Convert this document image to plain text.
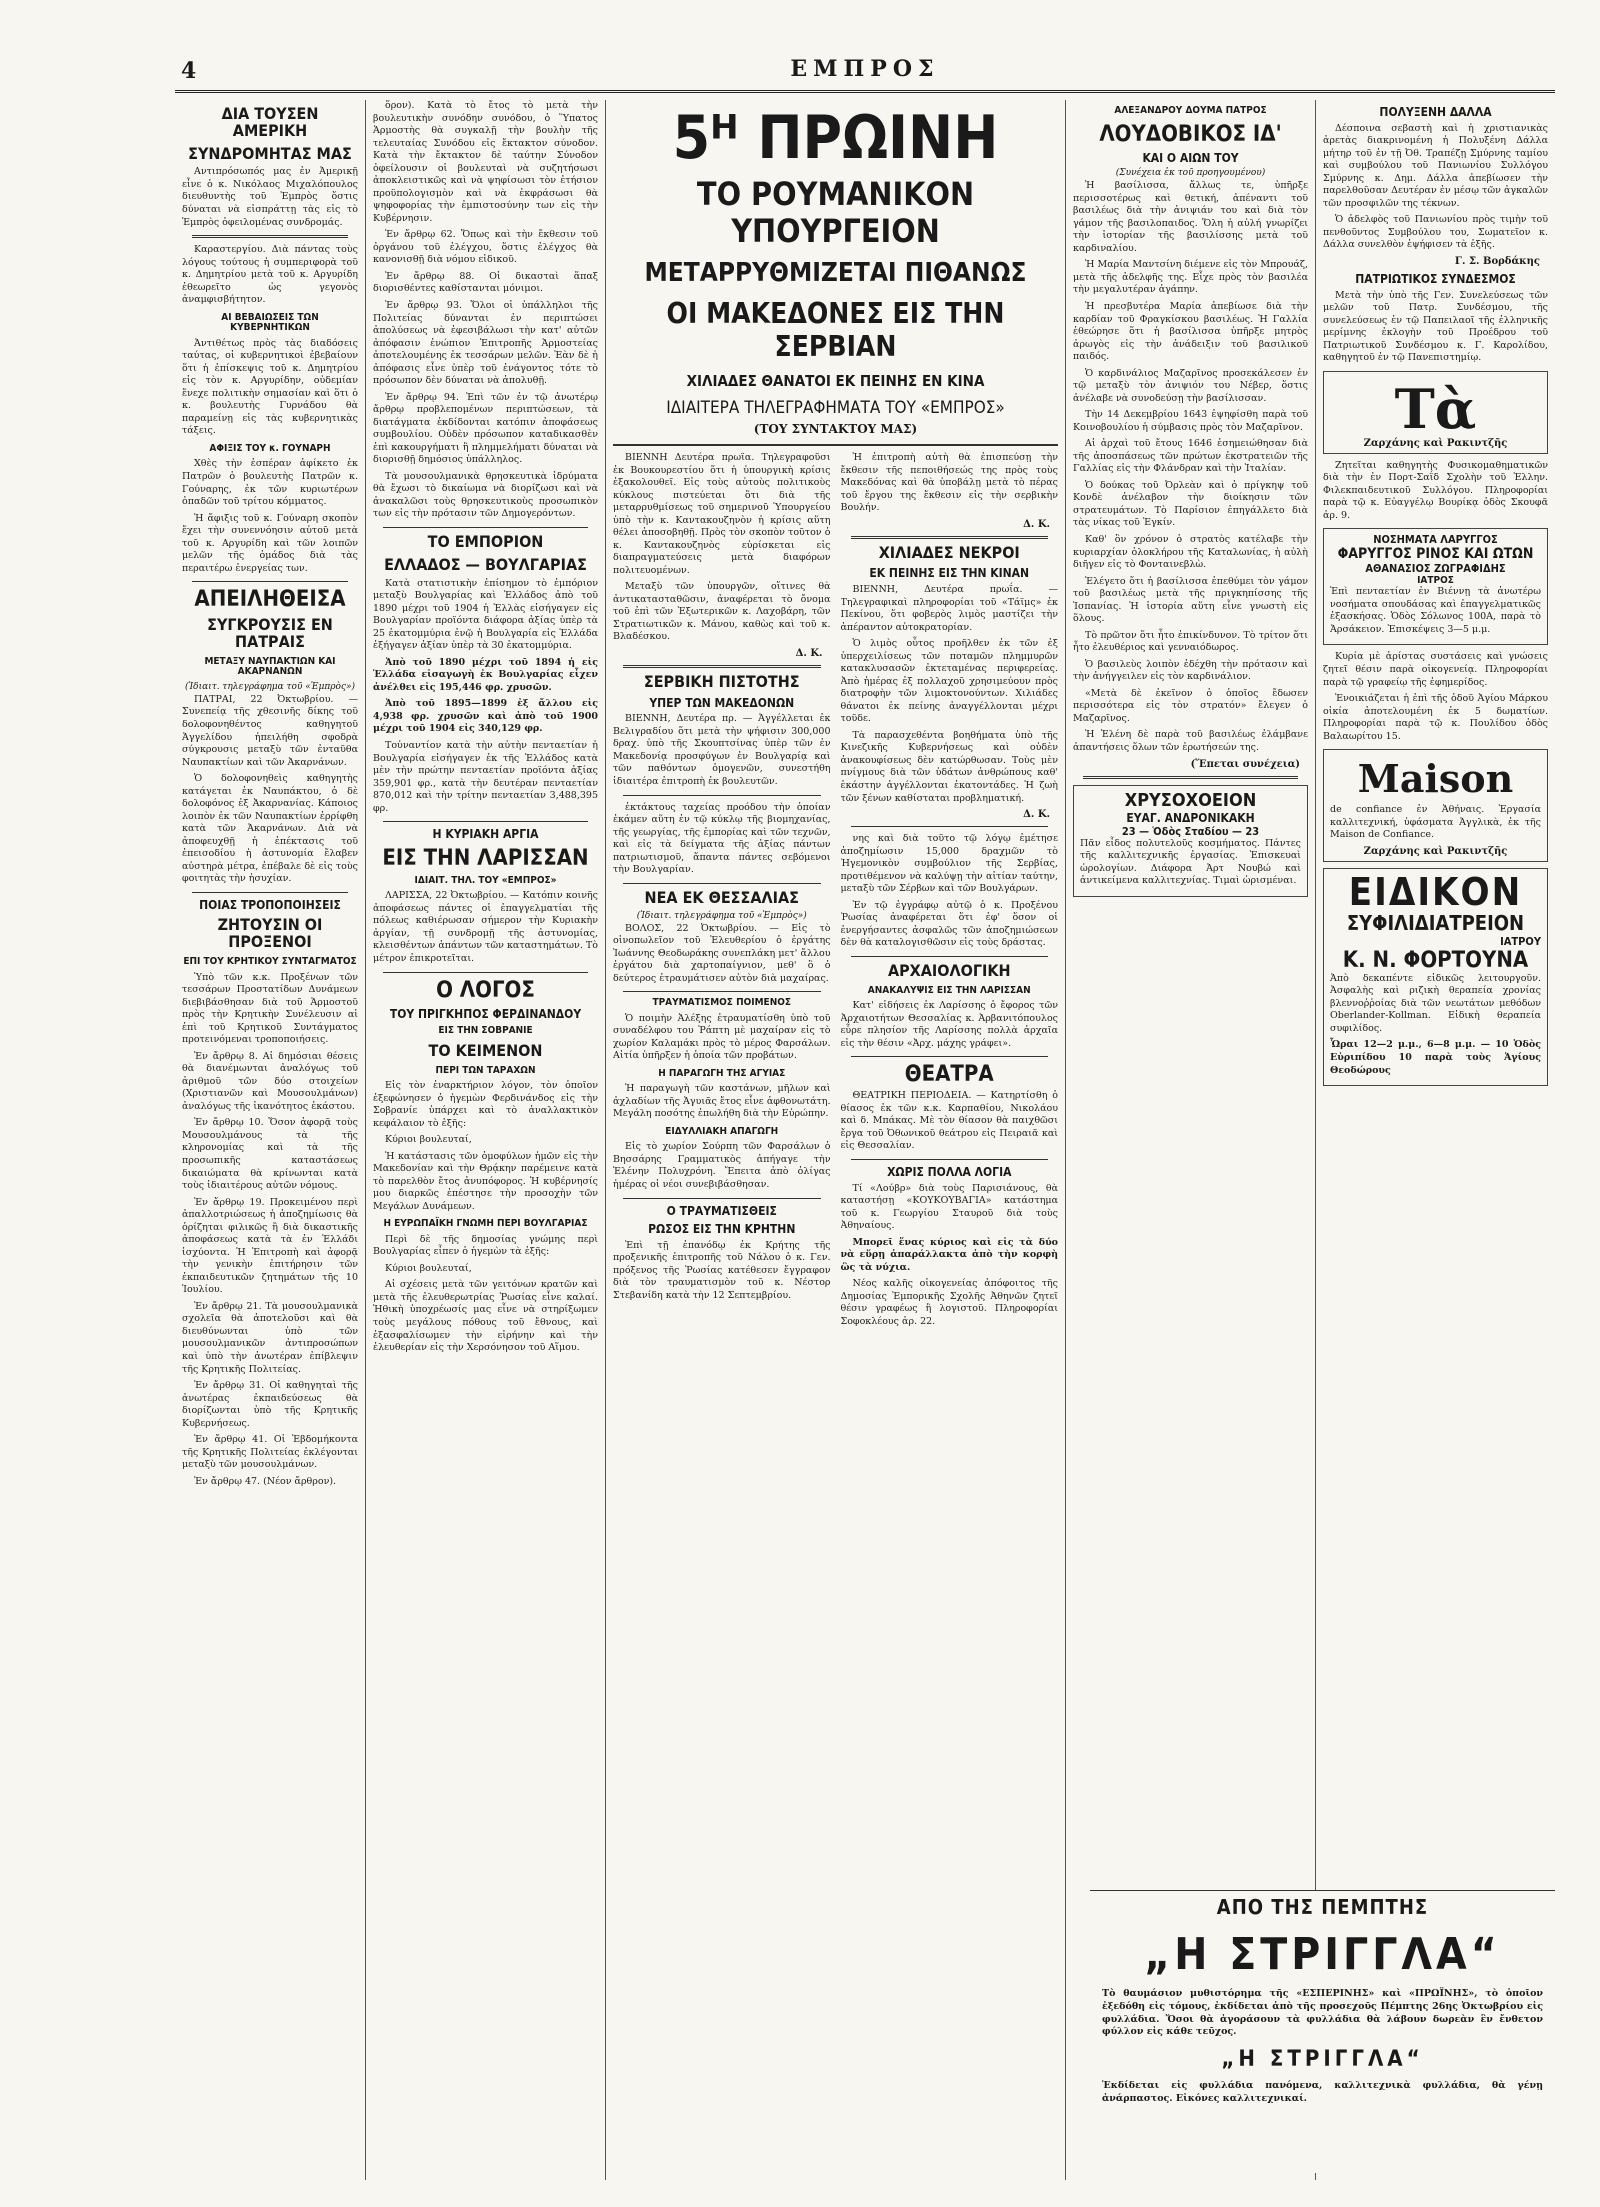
4	ΕΜΠΡΟΣ
ΔΙΑ ΤΟΥΣΕΝ ΑΜΕΡΙΚΗ
ΣΥΝΔΡΟΜΗΤΑΣ ΜΑΣ

Αντιπρόσωπός μας ἐν Ἀμερικῇ εἶνε ὁ κ. Νικόλαος Μιχαλόπουλος διευθυντὴς τοῦ Ἐμπρὸς ὅστις δύναται νὰ εἰσπράττῃ τὰς εἰς τὸ Ἐμπρὸς ὀφειλομένας συνδρομάς.

Καραστεργίου. Διὰ πάντας τοὺς λόγους τούτους ἡ συμπεριφορὰ τοῦ κ. Δημητρίου μετὰ τοῦ κ. Αργυρίδη ἐθεωρεῖτο ὡς γεγονὸς ἀναμφισβήτητον.

ΑΙ ΒΕΒΑΙΩΣΕΙΣ ΤΩΝ ΚΥΒΕΡΝΗΤΙΚΩΝ

Ἀντιθέτως πρὸς τὰς διαδόσεις ταύτας, οἱ κυβερνητικοὶ ἐβεβαίουν ὅτι ἡ ἐπίσκεψις τοῦ κ. Δημητρίου εἰς τὸν κ. Αργυρίδην, οὐδεμίαν ἔνεχε πολιτικὴν σημασίαν καὶ ὅτι ὁ κ. βουλευτὴς Γυρνάδου θὰ παραμείνῃ εἰς τὰς κυβερνητικὰς τάξεις.

ΑΦΙΞΙΣ ΤΟΥ κ. ΓΟΥΝΑΡΗ

Χθὲς τὴν ἑσπέραν ἀφίκετο ἐκ Πατρῶν ὁ βουλευτὴς Πατρῶν κ. Γούναρης, ἐκ τῶν κυριωτέρων ὀπαδῶν τοῦ τρίτου κόμματος.

Ἡ ἄφιξις τοῦ κ. Γούναρη σκοπὸν ἔχει τὴν συνεννόησιν αὐτοῦ μετὰ τοῦ κ. Αργυρίδη καὶ τῶν λοιπῶν μελῶν τῆς ὁμάδος διὰ τὰς περαιτέρω ἐνεργείας των.

ΑΠΕΙΛΗΘΕΙΣΑ
ΣΥΓΚΡΟΥΣΙΣ ΕΝ ΠΑΤΡΑΙΣ
ΜΕΤΑΞΥ ΝΑΥΠΑΚΤΙΩΝ ΚΑΙ ΑΚΑΡΝΑΝΩΝ
(Ἰδιαιτ. τηλεγράφημα τοῦ «Ἐμπρὸς»)

ΠΑΤΡΑΙ, 22 Ὀκτωβρίου. — Συνεπείᾳ τῆς χθεσινῆς δίκης τοῦ δολοφονηθέντος καθηγητοῦ Ἀγγελίδου ἠπειλήθη σφοδρὰ σύγκρουσις μεταξὺ τῶν ἐνταῦθα Ναυπακτίων καὶ τῶν Ἀκαρνάνων.

Ὁ δολοφονηθεὶς καθηγητὴς κατάγεται ἐκ Ναυπάκτου, ὁ δὲ δολοφόνος ἐξ Ἀκαρνανίας. Κάποιος λοιπὸν ἐκ τῶν Ναυπακτίων ἐρρίφθη κατὰ τῶν Ἀκαρνάνων. Διὰ νὰ ἀποφευχθῇ ἡ ἐπέκτασις τοῦ ἐπεισοδίου ἡ ἀστυνομία ἔλαβεν αὐστηρὰ μέτρα, ἐπέβαλε δὲ εἰς τοὺς φοιτητὰς τὴν ἡσυχίαν.

ΠΟΙΑΣ ΤΡΟΠΟΠΟΙΗΣΕΙΣ
ΖΗΤΟΥΣΙΝ ΟΙ ΠΡΟΞΕΝΟΙ
ΕΠΙ ΤΟΥ ΚΡΗΤΙΚΟΥ ΣΥΝΤΑΓΜΑΤΟΣ

Ὑπὸ τῶν κ.κ. Προξένων τῶν τεσσάρων Προστατίδων Δυνάμεων διεβιβάσθησαν διὰ τοῦ Ἁρμοστοῦ πρὸς τὴν Κρητικὴν Συνέλευσιν αἱ ἐπὶ τοῦ Κρητικοῦ Συντάγματος προτεινόμεναι τροποποιήσεις.

Ἐν ἄρθρῳ 8. Αἱ δημόσιαι θέσεις θὰ διανέμωνται ἀναλόγως τοῦ ἀριθμοῦ τῶν δύο στοιχείων (Χριστιανῶν καὶ Μουσουλμάνων) ἀναλόγως τῆς ἱκανότητος ἑκάστου.

Ἐν ἄρθρῳ 10. Ὅσον ἀφορᾷ τοὺς Μουσουλμάνους τὰ τῆς κληρονομίας καὶ τὰ τῆς προσωπικῆς καταστάσεως δικαιώματα θὰ κρίνωνται κατὰ τοὺς ἰδιαιτέρους αὐτῶν νόμους.

Ἐν ἄρθρῳ 19. Προκειμένου περὶ ἀπαλλοτριώσεως ἡ ἀποζημίωσις θὰ ὁρίζηται φιλικῶς ἢ διὰ δικαστικῆς ἀποφάσεως κατὰ τὰ ἐν Ἑλλάδι ἰσχύοντα. Ἡ Ἐπιτροπὴ καὶ ἀφορᾷ τὴν γενικὴν ἐπιτήρησιν τῶν ἐκπαιδευτικῶν ζητημάτων τῆς 10 Ἰουλίου.

Ἐν ἄρθρῳ 21. Τὰ μουσουλμανικὰ σχολεῖα θὰ ἀποτελοῦσι καὶ θὰ διευθύνωνται ὑπὸ τῶν μουσουλμανικῶν ἀντιπροσώπων καὶ ὑπὸ τὴν ἀνωτέραν ἐπίβλεψιν τῆς Κρητικῆς Πολιτείας.

Ἐν ἄρθρῳ 31. Οἱ καθηγηταὶ τῆς ἀνωτέρας ἐκπαιδεύσεως θὰ διορίζωνται ὑπὸ τῆς Κρητικῆς Κυβερνήσεως.

Ἐν ἄρθρῳ 41. Οἱ Ἐβδομήκοντα τῆς Κρητικῆς Πολιτείας ἐκλέγονται μεταξὺ τῶν μουσουλμάνων.

Ἐν ἄρθρῳ 47. (Νέον ἄρθρον).

ὅρον). Κατὰ τὸ ἔτος τὸ μετὰ τὴν βουλευτικὴν συνόδην συνόδου, ὁ Ὕπατος Ἁρμοστὴς θὰ συγκαλῇ τὴν βουλὴν τῆς τελευταίας Συνόδου εἰς ἔκτακτον σύνοδον. Κατὰ τὴν ἔκτακτον δὲ ταύτην Σύνοδον ὀφείλουσιν οἱ βουλευταὶ νὰ συζητήσωσι ἀποκλειστικῶς καὶ νὰ ψηφίσωσι τὸν ἐτήσιον προϋπολογισμὸν καὶ νὰ ἐκφράσωσι θὰ ψηφοφορίας τὴν ἐμπιστοσύνην των εἰς τὴν Κυβέρνησιν.

Ἐν ἄρθρῳ 62. Ὅπως καὶ τὴν ἔκθεσιν τοῦ ὀργάνου τοῦ ἐλέγχου, ὅστις ἐλέγχος θὰ κανονισθῇ διὰ νόμου εἰδικοῦ.

Ἐν ἄρθρῳ 88. Οἱ δικασταὶ ἅπαξ διορισθέντες καθίστανται μόνιμοι.

Ἐν ἄρθρῳ 93. Ὅλοι οἱ ὑπάλληλοι τῆς Πολιτείας δύνανται ἐν περιπτώσει ἀπολύσεως νὰ ἐφεσιβάλωσι τὴν κατ' αὐτῶν ἀπόφασιν ἐνώπιον Ἐπιτροπῆς Ἁρμοστείας ἀποτελουμένης ἐκ τεσσάρων μελῶν. Ἐὰν δὲ ἡ ἀπόφασις εἶνε ὑπὲρ τοῦ ἐνάγοντος τότε τὸ πρόσωπον δὲν δύναται νὰ ἀπολυθῇ.

Ἐν ἄρθρῳ 94. Ἐπὶ τῶν ἐν τῷ ἀνωτέρῳ ἄρθρῳ προβλεπομένων περιπτώσεων, τὰ διατάγματα ἐκδίδονται κατόπιν ἀποφάσεως συμβουλίου. Οὐδὲν πρόσωπον καταδικασθὲν ἐπὶ κακουργήματι ἢ πλημμελήματι δύναται νὰ διορισθῇ δημόσιος ὑπάλληλος.

Τὰ μουσουλμανικὰ θρησκευτικὰ ἱδρύματα θὰ ἔχωσι τὸ δικαίωμα νὰ διορίζωσι καὶ νὰ ἀνακαλῶσι τοὺς θρησκευτικοὺς προσωπικὸν των εἰς τὴν πρότασιν τῶν Δημογερόντων.

ΤΟ ΕΜΠΟΡΙΟΝ
ΕΛΛΑΔΟΣ — ΒΟΥΛΓΑΡΙΑΣ

Κατὰ στατιστικὴν ἐπίσημον τὸ ἐμπόριον μεταξὺ Βουλγαρίας καὶ Ἑλλάδος ἀπὸ τοῦ 1890 μέχρι τοῦ 1904 ἡ Ἑλλὰς εἰσήγαγεν εἰς Βουλγαρίαν προϊόντα διάφορα ἀξίας ὑπὲρ τὰ 25 ἑκατομμύρια ἐνῷ ἡ Βουλγαρία εἰς Ἑλλάδα ἐξήγαγεν ἀξίαν ὑπὲρ τὰ 30 ἑκατομμύρια.

Ἀπὸ τοῦ 1890 μέχρι τοῦ 1894 ἡ εἰς Ἑλλάδα εἰσαγωγὴ ἐκ Βουλγαρίας εἶχεν ἀνέλθει εἰς 195,446 φρ. χρυσῶν.

Ἀπὸ τοῦ 1895—1899 ἐξ ἄλλου εἰς 4,938 φρ. χρυσῶν καὶ ἀπὸ τοῦ 1900 μέχρι τοῦ 1904 εἰς 340,129 φρ.

Τοὐναντίον κατὰ τὴν αὐτὴν πενταετίαν ἡ Βουλγαρία εἰσήγαγεν ἐκ τῆς Ἑλλάδος κατὰ μὲν τὴν πρώτην πενταετίαν προϊόντα ἀξίας 359,901 φρ., κατὰ τὴν δευτέραν πενταετίαν 870,012 καὶ τὴν τρίτην πενταετίαν 3,488,395 φρ.

Η ΚΥΡΙΑΚΗ ΑΡΓΙΑ
ΕΙΣ ΤΗΝ ΛΑΡΙΣΣΑΝ
ΙΔΙΑΙΤ. ΤΗΛ. ΤΟΥ «ΕΜΠΡΟΣ»

ΛΑΡΙΣΣΑ, 22 Ὀκτωβρίου. — Κατόπιν κοινῆς ἀποφάσεως πάντες οἱ ἐπαγγελματίαι τῆς πόλεως καθιέρωσαν σήμερον τὴν Κυριακὴν ἀργίαν, τῇ συνδρομῇ τῆς ἀστυνομίας, κλεισθέντων ἁπάντων τῶν καταστημάτων. Τὸ μέτρον ἐπικροτεῖται.

Ο ΛΟΓΟΣ
ΤΟΥ ΠΡΙΓΚΗΠΟΣ ΦΕΡΔΙΝΑΝΔΟΥ
ΕΙΣ ΤΗΝ ΣΟΒΡΑΝΙΕ
ΤΟ ΚΕΙΜΕΝΟΝ
ΠΕΡΙ ΤΩΝ ΤΑΡΑΧΩΝ

Εἰς τὸν ἐναρκτήριον λόγον, τὸν ὁποῖον ἐξεφώνησεν ὁ ἡγεμὼν Φερδινάνδος εἰς τὴν Σοβρανίε ὑπάρχει καὶ τὸ ἀναλλακτικὸν κεφάλαιον τὸ ἑξῆς:

Κύριοι βουλευταί,

Ἡ κατάστασις τῶν ὁμοφύλων ἡμῶν εἰς τὴν Μακεδονίαν καὶ τὴν Θρᾴκην παρέμεινε κατὰ τὸ παρελθὸν ἔτος ἀνυπόφορος. Ἡ κυβέρνησίς μου διαρκῶς ἐπέστησε τὴν προσοχὴν τῶν Μεγάλων Δυνάμεων.

Η ΕΥΡΩΠΑΪΚΗ ΓΝΩΜΗ ΠΕΡΙ ΒΟΥΛΓΑΡΙΑΣ

Περὶ δὲ τῆς δημοσίας γνώμης περὶ Βουλγαρίας εἶπεν ὁ ἡγεμὼν τὰ ἑξῆς:

Κύριοι βουλευταί,

Αἱ σχέσεις μετὰ τῶν γειτόνων κρατῶν καὶ μετὰ τῆς ἐλευθερωτρίας Ῥωσίας εἶνε καλαί. Ἠθικὴ ὑποχρέωσίς μας εἶνε νὰ στηρίξωμεν τοὺς μεγάλους πόθους τοῦ ἔθνους, καὶ ἐξασφαλίσωμεν τὴν εἰρήνην καὶ τὴν ἐλευθερίαν εἰς τὴν Χερσόνησον τοῦ Αἵμου.

5ᴴ ΠΡΩΙΝΗ
ΤΟ ΡΟΥΜΑΝΙΚΟΝ ΥΠΟΥΡΓΕΙΟΝ
ΜΕΤΑΡΡΥΘΜΙΖΕΤΑΙ ΠΙΘΑΝΩΣ
ΟΙ ΜΑΚΕΔΟΝΕΣ ΕΙΣ ΤΗΝ ΣΕΡΒΙΑΝ
ΧΙΛΙΑΔΕΣ ΘΑΝΑΤΟΙ ΕΚ ΠΕΙΝΗΣ ΕΝ ΚΙΝΑ
ΙΔΙΑΙΤΕΡΑ ΤΗΛΕΓΡΑΦΗΜΑΤΑ ΤΟΥ «ΕΜΠΡΟΣ»
(ΤΟΥ ΣΥΝΤΑΚΤΟΥ ΜΑΣ)

ΒΙΕΝΝΗ Δευτέρα πρωΐα. Τηλεγραφοῦσι ἐκ Βουκουρεστίου ὅτι ἡ ὑπουργικὴ κρίσις ἐξακολουθεῖ. Εἰς τοὺς αὐτοὺς πολιτικοὺς κύκλους πιστεύεται ὅτι διὰ τῆς μεταρρυθμίσεως τοῦ σημερινοῦ Ὑπουργείου ὑπὸ τὴν κ. Καντακουζηνὸν ἡ κρίσις αὕτη θέλει ἀποσοβηθῇ. Πρὸς τὸν σκοπὸν τοῦτον ὁ κ. Καντακουζηνὸς εὑρίσκεται εἰς διαπραγματεύσεις μετὰ διαφόρων πολιτευομένων.

Μεταξὺ τῶν ὑπουργῶν, οἵτινες θὰ ἀντικατασταθῶσιν, ἀναφέρεται τὸ ὄνομα τοῦ ἐπὶ τῶν Ἐξωτερικῶν κ. Λαχοβάρη, τῶν Στρατιωτικῶν κ. Μάνου, καθὼς καὶ τοῦ κ. Βλαδέσκου.

Δ. Κ.
ΣΕΡΒΙΚΗ ΠΙΣΤΟΤΗΣ
ΥΠΕΡ ΤΩΝ ΜΑΚΕΔΟΝΩΝ

ΒΙΕΝΝΗ, Δευτέρα πρ. — Ἀγγέλλεται ἐκ Βελιγραδίου ὅτι μετὰ τὴν ψήφισιν 300,000 δραχ. ὑπὸ τῆς Σκουπτσίνας ὑπὲρ τῶν ἐν Μακεδονίᾳ προσφύγων ἐν Βουλγαρίᾳ καὶ τῶν παθόντων ὁμογενῶν, συνεστήθη ἰδιαιτέρα ἐπιτροπὴ ἐκ βουλευτῶν.

ἐκτάκτους ταχείας προόδου τὴν ὁποίαν ἐκάμεν αὕτη ἐν τῷ κύκλῳ τῆς βιομηχανίας, τῆς γεωργίας, τῆς ἐμπορίας καὶ τῶν τεχνῶν, καὶ εἰς τὰ δείγματα τῆς ἀξίας πάντων πατριωτισμοῦ, ἅπαντα πάντες σεβόμενοι τὴν Βουλγαρίαν.

ΝΕΑ ΕΚ ΘΕΣΣΑΛΙΑΣ
(Ἰδιαιτ. τηλεγράφημα τοῦ «Ἐμπρὸς»)

ΒΟΛΟΣ, 22 Ὀκτωβρίου. — Εἰς τὸ οἰνοπωλεῖον τοῦ Ἐλευθερίου ὁ ἐργάτης Ἰωάννης Θεοδωράκης συνεπλάκη μετ' ἄλλου ἐργάτου διὰ χαρτοπαίγνιον, μεθ' ὃ ὁ δεύτερος ἐτραυμάτισεν αὐτὸν διὰ μαχαίρας.

ΤΡΑΥΜΑΤΙΣΜΟΣ ΠΟΙΜΕΝΟΣ

Ὁ ποιμὴν Ἀλέξης ἐτραυματίσθη ὑπὸ τοῦ συναδέλφου του Ῥάπτη μὲ μαχαίραν εἰς τὸ χωρίον Καλαμάκι πρὸς τὸ μέρος Φαρσάλων. Αἰτία ὑπῆρξεν ἡ ὁποία τῶν προβάτων.

Η ΠΑΡΑΓΩΓΗ ΤΗΣ ΑΓΥΙΑΣ

Ἡ παραγωγὴ τῶν καστάνων, μῆλων καὶ ἀχλαδίων τῆς Ἀγυιᾶς ἔτος εἶνε ἀφθονωτάτη. Μεγάλη ποσότης ἐπωλήθη διὰ τὴν Εὐρώπην.

ΕΙΔΥΛΛΙΑΚΗ ΑΠΑΓΩΓΗ

Εἰς τὸ χωρίον Σούρπη τῶν Φαρσάλων ὁ Βησσάρης Γραμματικὸς ἀπήγαγε τὴν Ἑλένην Πολυχρόνη. Ἔπειτα ἀπὸ ὀλίγας ἡμέρας οἱ νέοι συνεβιβάσθησαν.

Ο ΤΡΑΥΜΑΤΙΣΘΕΙΣ
ΡΩΣΟΣ ΕΙΣ ΤΗΝ ΚΡΗΤΗΝ

Ἐπὶ τῇ ἐπανόδῳ ἐκ Κρήτης τῆς προξενικῆς ἐπιτροπῆς τοῦ Νάλου ὁ κ. Γεν. πρόξενος τῆς Ῥωσίας κατέθεσεν ἔγγραφον διὰ τὸν τραυματισμὸν τοῦ κ. Νέστορ Στεβανίδη κατὰ τὴν 12 Σεπτεμβρίου.

Ἡ ἐπιτροπὴ αὐτὴ θὰ ἐπισπεύσῃ τὴν ἔκθεσιν τῆς πεποιθήσεώς της πρὸς τοὺς Μακεδόνας καὶ θὰ ὑποβάλῃ μετὰ τὸ πέρας τοῦ ἔργου της ἔκθεσιν εἰς τὴν σερβικὴν Βουλήν.

Δ. Κ.
ΧΙΛΙΑΔΕΣ ΝΕΚΡΟΙ
ΕΚ ΠΕΙΝΗΣ ΕΙΣ ΤΗΝ ΚΙΝΑΝ

ΒΙΕΝΝΗ, Δευτέρα πρωΐα. — Τηλεγραφικαὶ πληροφορίαι τοῦ «Τάϊμς» ἐκ Πεκίνου, ὅτι φοβερὸς λιμὸς μαστίζει τὴν ἀπέραντον αὐτοκρατορίαν.

Ὁ λιμὸς οὗτος προῆλθεν ἐκ τῶν ἐξ ὑπερχειλίσεως τῶν ποταμῶν πλημμυρῶν κατακλυσασῶν ἐκτεταμένας περιφερείας. Ἀπὸ ἡμέρας ἐξ πολλαχοῦ χρησιμεύουν πρὸς διατροφὴν τῶν λιμοκτονούντων. Χιλιάδες θάνατοι ἐκ πείνης ἀναγγέλλονται μέχρι τοῦδε.

Τὰ παρασχεθέντα βοηθήματα ὑπὸ τῆς Κινεζικῆς Κυβερνήσεως καὶ οὐδὲν ἀνακουφίσεως δὲν κατώρθωσαν. Τοὺς μὲν πνίγμους διὰ τῶν ὑδάτων ἀνθρώπους καθ' ἑκάστην ἀγγέλλονται ἐκατοντάδες. Ἡ ζωὴ τῶν ξένων καθίσταται προβληματική.

Δ. Κ.

νης καὶ διὰ τοῦτο τῷ λόγῳ ἐμέτησε ἀποζημίωσιν 15,000 δραχμῶν τὸ Ἡγεμονικὸν συμβούλιον τῆς Σερβίας, προτιθέμενον νὰ καλύψῃ τὴν αἰτίαν ταύτην, μεταξὺ τῶν Σέρβων καὶ τῶν Βουλγάρων.

Ἐν τῷ ἐγγράφῳ αὐτῷ ὁ κ. Προξένου Ῥωσίας ἀναφέρεται ὅτι ἐφ' ὅσον οἱ ἐνεργήσαντες ἀσφαλῶς τῶν ἀποζημιώσεων δὲν θὰ καταλογισθῶσιν εἰς τοὺς δράστας.

ΑΡΧΑΙΟΛΟΓΙΚΗ
ΑΝΑΚΑΛΥΨΙΣ ΕΙΣ ΤΗΝ ΛΑΡΙΣΣΑΝ

Κατ' εἰδήσεις ἐκ Λαρίσσης ὁ ἔφορος τῶν Ἀρχαιοτήτων Θεσσαλίας κ. Ἀρβανιτόπουλος εὗρε πλησίον τῆς Λαρίσσης πολλὰ ἀρχαῖα εἰς τὴν θέσιν «Ἀρχ. μάχης γράφει».

ΘΕΑΤΡΑ

ΘΕΑΤΡΙΚΗ ΠΕΡΙΟΔΕΙΑ. — Κατηρτίσθη ὁ θίασος ἐκ τῶν κ.κ. Καρπαθίου, Νικολάου καὶ δ. Μπάκας. Μὲ τὸν θίασον θὰ παιχθῶσι ἔργα τοῦ Ὀθωνικοῦ θεάτρου εἰς Πειραιᾶ καὶ εἰς Θεσσαλίαν.

ΧΩΡΙΣ ΠΟΛΛΑ ΛΟΓΙΑ

Τί «Λούβρ» διὰ τοὺς Παρισιάνους, θὰ καταστήσῃ «ΚΟΥΚΟΥΒΑΓΙΑ» κατάστημα τοῦ κ. Γεωργίου Σταυροῦ διὰ τοὺς Ἀθηναίους.

Μπορεῖ ἕνας κύριος καὶ εἰς τὰ δύο νὰ εὕρῃ ἀπαράλλακτα ἀπὸ τὴν κορφὴ ὣς τὰ νύχια.

Νέος καλῆς οἰκογενείας ἀπόφοιτος τῆς Δημοσίας Ἐμπορικῆς Σχολῆς Ἀθηνῶν ζητεῖ θέσιν γραφέως ἢ λογιστοῦ. Πληροφορίαι Σοφοκλέους ἀρ. 22.

ΑΛΕΞΑΝΔΡΟΥ ΔΟΥΜΑ ΠΑΤΡΟΣ
ΛΟΥΔΟΒΙΚΟΣ ΙΔ'
ΚΑΙ Ο ΑΙΩΝ ΤΟΥ
(Συνέχεια ἐκ τοῦ προηγουμένου)

Ἡ βασίλισσα, ἄλλως τε, ὑπῆρξε περισσοτέρως καὶ θετική, ἀπέναντι τοῦ βασιλέως διὰ τὴν ἀνιψιάν του καὶ διὰ τὸν γάμον τῆς βασιλοπαιδος. Ὅλη ἡ αὐλή γνωρίζει τὴν ἱστορίαν τῆς βασιλίσσης μετὰ τοῦ καρδιναλίου.

Ἡ Μαρία Μαντσίνη διέμενε εἰς τὸν Μπρουάζ, μετὰ τῆς ἀδελφῆς της. Εἶχε πρὸς τὸν βασιλέα τὴν μεγαλυτέραν ἀγάπην.

Ἡ πρεσβυτέρα Μαρία ἀπεβίωσε διὰ τὴν καρδίαν τοῦ Φραγκίσκου βασιλέως. Ἡ Γαλλία ἐθεώρησε ὅτι ἡ βασίλισσα ὑπῆρξε μητρὸς ἀρωγὸς εἰς τὴν ἀνάδειξιν τοῦ βασιλικοῦ παιδός.

Ὁ καρδινάλιος Μαζαρῖνος προσεκάλεσεν ἐν τῷ μεταξὺ τὸν ἀνιψιόν του Νέβερ, ὅστις ἀνέλαβε νὰ συνοδεύσῃ τὴν βασίλισσαν.

Τὴν 14 Δεκεμβρίου 1643 ἐψηφίσθη παρὰ τοῦ Κοινοβουλίου ἡ σύμβασις πρὸς τὸν Μαζαρῖνον.

Αἱ ἀρχαὶ τοῦ ἔτους 1646 ἐσημειώθησαν διὰ τῆς ἀποσπάσεως τῶν πρώτων ἐκστρατειῶν τῆς Γαλλίας εἰς τὴν Φλάνδραν καὶ τὴν Ἰταλίαν.

Ὁ δούκας τοῦ Ὀρλεὰν καὶ ὁ πρίγκηψ τοῦ Κονδὲ ἀνέλαβον τὴν διοίκησιν τῶν στρατευμάτων. Τὸ Παρίσιον ἐπηγάλλετο διὰ τὰς νίκας τοῦ Ἐγκίν.

Καθ' ὃν χρόνον ὁ στρατὸς κατέλαβε τὴν κυριαρχίαν ὁλοκλήρου τῆς Καταλωνίας, ἡ αὐλὴ διῆγεν εἰς τὸ Φονταινεβλὼ.

Ἐλέγετο ὅτι ἡ βασίλισσα ἐπεθύμει τὸν γάμον τοῦ βασιλέως μετὰ τῆς πριγκηπίσσης τῆς Ἰσπανίας. Ἡ ἱστορία αὕτη εἶνε γνωστὴ εἰς ὅλους.

Τὸ πρῶτον ὅτι ἦτο ἐπικίνδυνον. Τὸ τρίτον ὅτι ἦτο ἐλευθέριος καὶ γενναιόδωρος.

Ὁ βασιλεὺς λοιπὸν ἐδέχθη τὴν πρότασιν καὶ τὴν ἀνήγγειλεν εἰς τὸν καρδινάλιον.

«Μετὰ δὲ ἐκεῖνον ὁ ὁποῖος ἔδωσεν περισσότερα εἰς τὸν στρατόν» ἔλεγεν ὁ Μαζαρῖνος.

Ἡ Ἑλένη δὲ παρὰ τοῦ βασιλέως ἐλάμβανε ἀπαντήσεις ὅλων τῶν ἐρωτήσεών της.

(Ἕπεται συνέχεια)
ΧΡΥΣΟΧΟΕΙΟΝ
ΕΥΑΓ. ΑΝΔΡΟΝΙΚΑΚΗ
23 — Ὁδὸς Σταδίου — 23

Πᾶν εἶδος πολυτελοῦς κοσμήματος. Πάντες τῆς καλλιτεχνικῆς ἐργασίας. Ἐπισκευαὶ ὡρολογίων. Διάφορα Ἀρτ Νουβώ καὶ ἀντικείμενα καλλιτεχνίας. Τιμαὶ ὡρισμέναι.

ΠΟΛΥΞΕΝΗ ΔΑΛΛΑ

Δέσποινα σεβαστὴ καὶ ἡ χριστιανικὰς ἀρετὰς διακρινομένη ἡ Πολυξένη Δάλλα μήτηρ τοῦ ἐν τῇ Ὀθ. Τραπέζῃ Σμύρνης ταμίου καὶ συμβούλου τοῦ Πανιωνίου Συλλόγου Σμύρνης κ. Δημ. Δάλλα ἀπεβίωσεν τὴν παρελθοῦσαν Δευτέραν ἐν μέσῳ τῶν ἀγκαλῶν τῶν προσφιλῶν της τέκνων.

Ὁ ἀδελφὸς τοῦ Πανιωνίου πρὸς τιμὴν τοῦ πενθοῦντος Συμβούλου του, Σωματεῖον κ. Δάλλα συνελθὸν ἐψήφισεν τὰ ἑξῆς.

Γ. Σ. Βορδάκης
ΠΑΤΡΙΩΤΙΚΟΣ ΣΥΝΔΕΣΜΟΣ

Μετὰ τὴν ὑπὸ τῆς Γεν. Συνελεύσεως τῶν μελῶν τοῦ Πατρ. Συνδέσμου, τῆς συνελεύσεως ἐν τῷ Παπειλαοῖ τῆς ἐλληνικῆς μερίμνης ἐκλογὴν τοῦ Προέδρου τοῦ Πατριωτικοῦ Συνδέσμου κ. Γ. Καρολίδου, καθηγητοῦ ἐν τῷ Πανεπιστημίῳ.

Τὰ
Ζαρχάνης καὶ Ρακιντζῆς

Ζητεῖται καθηγητὴς Φυσικομαθηματικῶν διὰ τὴν ἐν Πορτ-Σαΐδ Σχολὴν τοῦ Ἑλλην. Φιλεκπαιδευτικοῦ Συλλόγου. Πληροφορίαι παρὰ τῷ κ. Εὐαγγέλῳ Βουρίκᾳ ὁδὸς Σκουφᾶ ἀρ. 9.

ΝΟΣΗΜΑΤΑ ΛΑΡΥΓΓΟΣ
ΦΑΡΥΓΓΟΣ ΡΙΝΟΣ ΚΑΙ ΩΤΩΝ
ΑΘΑΝΑΣΙΟΣ ΖΩΓΡΑΦΙΔΗΣ
ΙΑΤΡΟΣ

Ἐπὶ πενταετίαν ἐν Βιέννῃ τὰ ἀνωτέρω νοσήματα σπουδάσας καὶ ἐπαγγελματικῶς ἐξασκήσας. Ὁδὸς Σόλωνος 100Α, παρὰ τὸ Ἀρσάκειον. Ἐπισκέψεις 3—5 μ.μ.

Κυρία μὲ ἀρίστας συστάσεις καὶ γνώσεις ζητεῖ θέσιν παρὰ οἰκογενείᾳ. Πληροφορίαι παρὰ τῷ γραφείῳ τῆς ἐφημερίδος.

Ἐνοικιάζεται ἡ ἐπὶ τῆς ὁδοῦ Ἀγίου Μάρκου οἰκία ἀποτελουμένη ἐκ 5 δωματίων. Πληροφορίαι παρὰ τῷ κ. Πουλίδου ὁδὸς Βαλαωρίτου 15.

Maison

de confiance ἐν Ἀθήναις. Ἐργασία καλλιτεχνική, ὑφάσματα Ἀγγλικὰ, ἐκ τῆς Maison de Confiance.

Ζαρχάνης καὶ Ρακιντζῆς
ΕΙΔΙΚΟΝ
ΣΥΦΙΛΙΔΙΑΤΡΕΙΟΝ
ΙΑΤΡΟΥ
Κ. Ν. ΦΟΡΤΟΥΝΑ

Ἀπὸ δεκαπέντε εἰδικῶς λειτουργοῦν. Ἀσφαλὴς καὶ ριζικὴ θεραπεία χρονίας βλεννοῤῥοίας διὰ τῶν νεωτάτων μεθόδων Oberlander-Kollman. Εἰδικὴ θεραπεία συφιλίδος.

Ὧραι 12—2 μ.μ., 6—8 μ.μ. — 10 Ὁδὸς Εὐριπίδου 10 παρὰ τοὺς Ἁγίους Θεοδώρους

ΑΠΟ ΤΗΣ ΠΕΜΠΤΗΣ
„Η ΣΤΡΙΓΓΛΑ“

Τὸ θαυμάσιον μυθιστόρημα τῆς «ΕΣΠΕΡΙΝΗΣ» καὶ «ΠΡΩΪΝΗΣ», τὸ ὁποῖον ἐξεδόθη εἰς τόμους, ἐκδίδεται ἀπὸ τῆς προσεχοῦς Πέμπτης 26ης Ὀκτωβρίου εἰς φυλλάδια. Ὅσοι θὰ ἀγοράσουν τὰ φυλλάδια θὰ λάβουν δωρεὰν ἓν ἔνθετον φύλλον εἰς κάθε τεῦχος.

„Η ΣΤΡΙΓΓΛΑ“

Ἐκδίδεται εἰς φυλλάδια πανόμενα, καλλιτεχνικὰ φυλλάδια, θὰ γένῃ ἀνάρπαστος. Εἰκόνες καλλιτεχνικαί.
